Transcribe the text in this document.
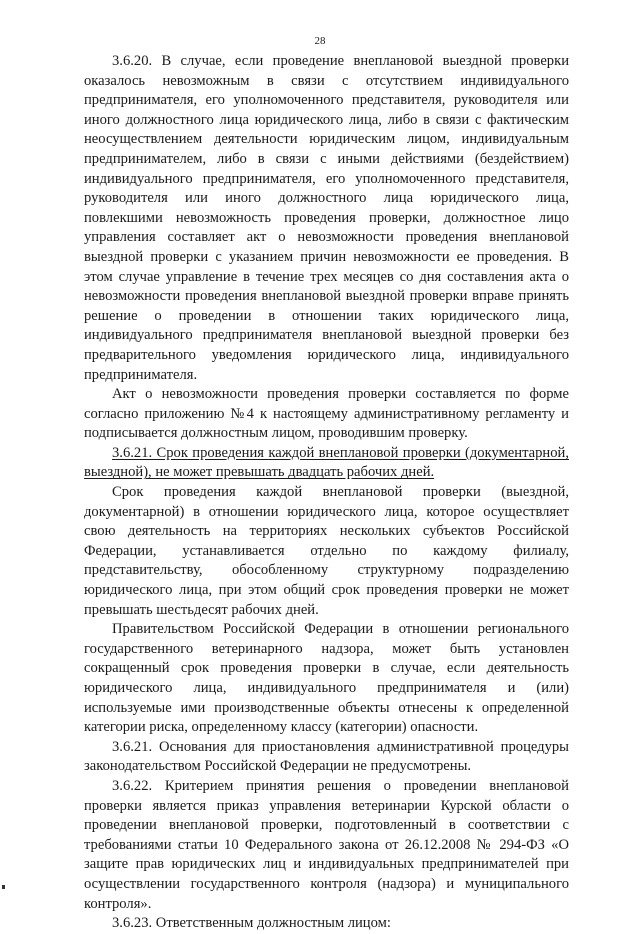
28

3.6.20. В случае, если проведение внеплановой выездной проверки оказалось невозможным в связи с отсутствием индивидуального предпринимателя, его уполномоченного представителя, руководителя или иного должностного лица юридического лица, либо в связи с фактическим неосуществлением деятельности юридическим лицом, индивидуальным предпринимателем, либо в связи с иными действиями (бездействием) индивидуального предпринимателя, его уполномоченного представителя, руководителя или иного должностного лица юридического лица, повлекшими невозможность проведения проверки, должностное лицо управления составляет акт о невозможности проведения внеплановой выездной проверки с указанием причин невозможности ее проведения. В этом случае управление в течение трех месяцев со дня составления акта о невозможности проведения внеплановой выездной проверки вправе принять решение о проведении в отношении таких юридического лица, индивидуального предпринимателя внеплановой выездной проверки без предварительного уведомления юридического лица, индивидуального предпринимателя.

Акт о невозможности проведения проверки составляется по форме согласно приложению №4 к настоящему административному регламенту и подписывается должностным лицом, проводившим проверку.

3.6.21. Срок проведения каждой внеплановой проверки (документарной, выездной), не может превышать двадцать рабочих дней.

Срок проведения каждой внеплановой проверки (выездной, документарной) в отношении юридического лица, которое осуществляет свою деятельность на территориях нескольких субъектов Российской Федерации, устанавливается отдельно по каждому филиалу, представительству, обособленному структурному подразделению юридического лица, при этом общий срок проведения проверки не может превышать шестьдесят рабочих дней.

Правительством Российской Федерации в отношении регионального государственного ветеринарного надзора, может быть установлен сокращенный срок проведения проверки в случае, если деятельность юридического лица, индивидуального предпринимателя и (или) используемые ими производственные объекты отнесены к определенной категории риска, определенному классу (категории) опасности.

3.6.21. Основания для приостановления административной процедуры законодательством Российской Федерации не предусмотрены.

3.6.22. Критерием принятия решения о проведении внеплановой проверки является приказ управления ветеринарии Курской области о проведении внеплановой проверки, подготовленный в соответствии с требованиями статьи 10 Федерального закона от 26.12.2008 № 294-ФЗ «О защите прав юридических лиц и индивидуальных предпринимателей при осуществлении государственного контроля (надзора) и муниципального контроля».

3.6.23. Ответственным должностным лицом:
